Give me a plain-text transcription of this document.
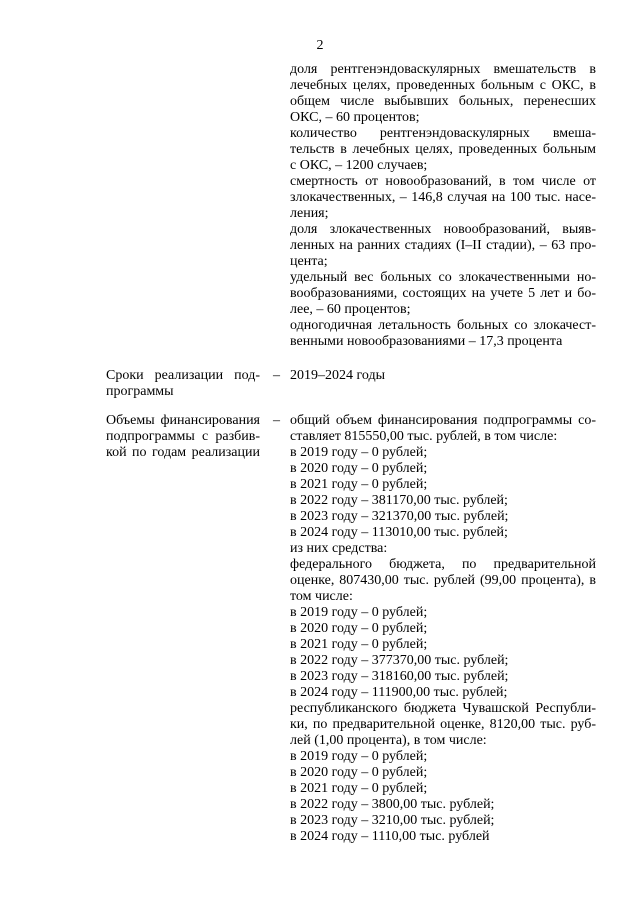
2
доля рентгенэндоваскулярных вмешательств в
лечебных целях, проведенных больным с ОКС, в
общем числе выбывших больных, перенесших
ОКС, – 60 процентов;
количество рентгенэндоваскулярных вмеша-
тельств в лечебных целях, проведенных больным
с ОКС, – 1200 случаев;
смертность от новообразований, в том числе от
злокачественных, – 146,8 случая на 100 тыс. насе-
ления;
доля злокачественных новообразований, выяв-
ленных на ранних стадиях (I–II стадии), – 63 про-
цента;
удельный вес больных со злокачественными но-
вообразованиями, состоящих на учете 5 лет и бо-
лее, – 60 процентов;
одногодичная летальность больных со злокачест-
венными новообразованиями – 17,3 процента
Сроки реализации под-
программы
– 2019–2024 годы
Объемы финансирования
подпрограммы с разбив-
кой по годам реализации
– общий объем финансирования подпрограммы со-
ставляет 815550,00 тыс. рублей, в том числе:
в 2019 году – 0 рублей;
в 2020 году – 0 рублей;
в 2021 году – 0 рублей;
в 2022 году – 381170,00 тыс. рублей;
в 2023 году – 321370,00 тыс. рублей;
в 2024 году – 113010,00 тыс. рублей;
из них средства:
федерального бюджета, по предварительной
оценке, 807430,00 тыс. рублей (99,00 процента), в
том числе:
в 2019 году – 0 рублей;
в 2020 году – 0 рублей;
в 2021 году – 0 рублей;
в 2022 году – 377370,00 тыс. рублей;
в 2023 году – 318160,00 тыс. рублей;
в 2024 году – 111900,00 тыс. рублей;
республиканского бюджета Чувашской Республи-
ки, по предварительной оценке, 8120,00 тыс. руб-
лей (1,00 процента), в том числе:
в 2019 году – 0 рублей;
в 2020 году – 0 рублей;
в 2021 году – 0 рублей;
в 2022 году – 3800,00 тыс. рублей;
в 2023 году – 3210,00 тыс. рублей;
в 2024 году – 1110,00 тыс. рублей
